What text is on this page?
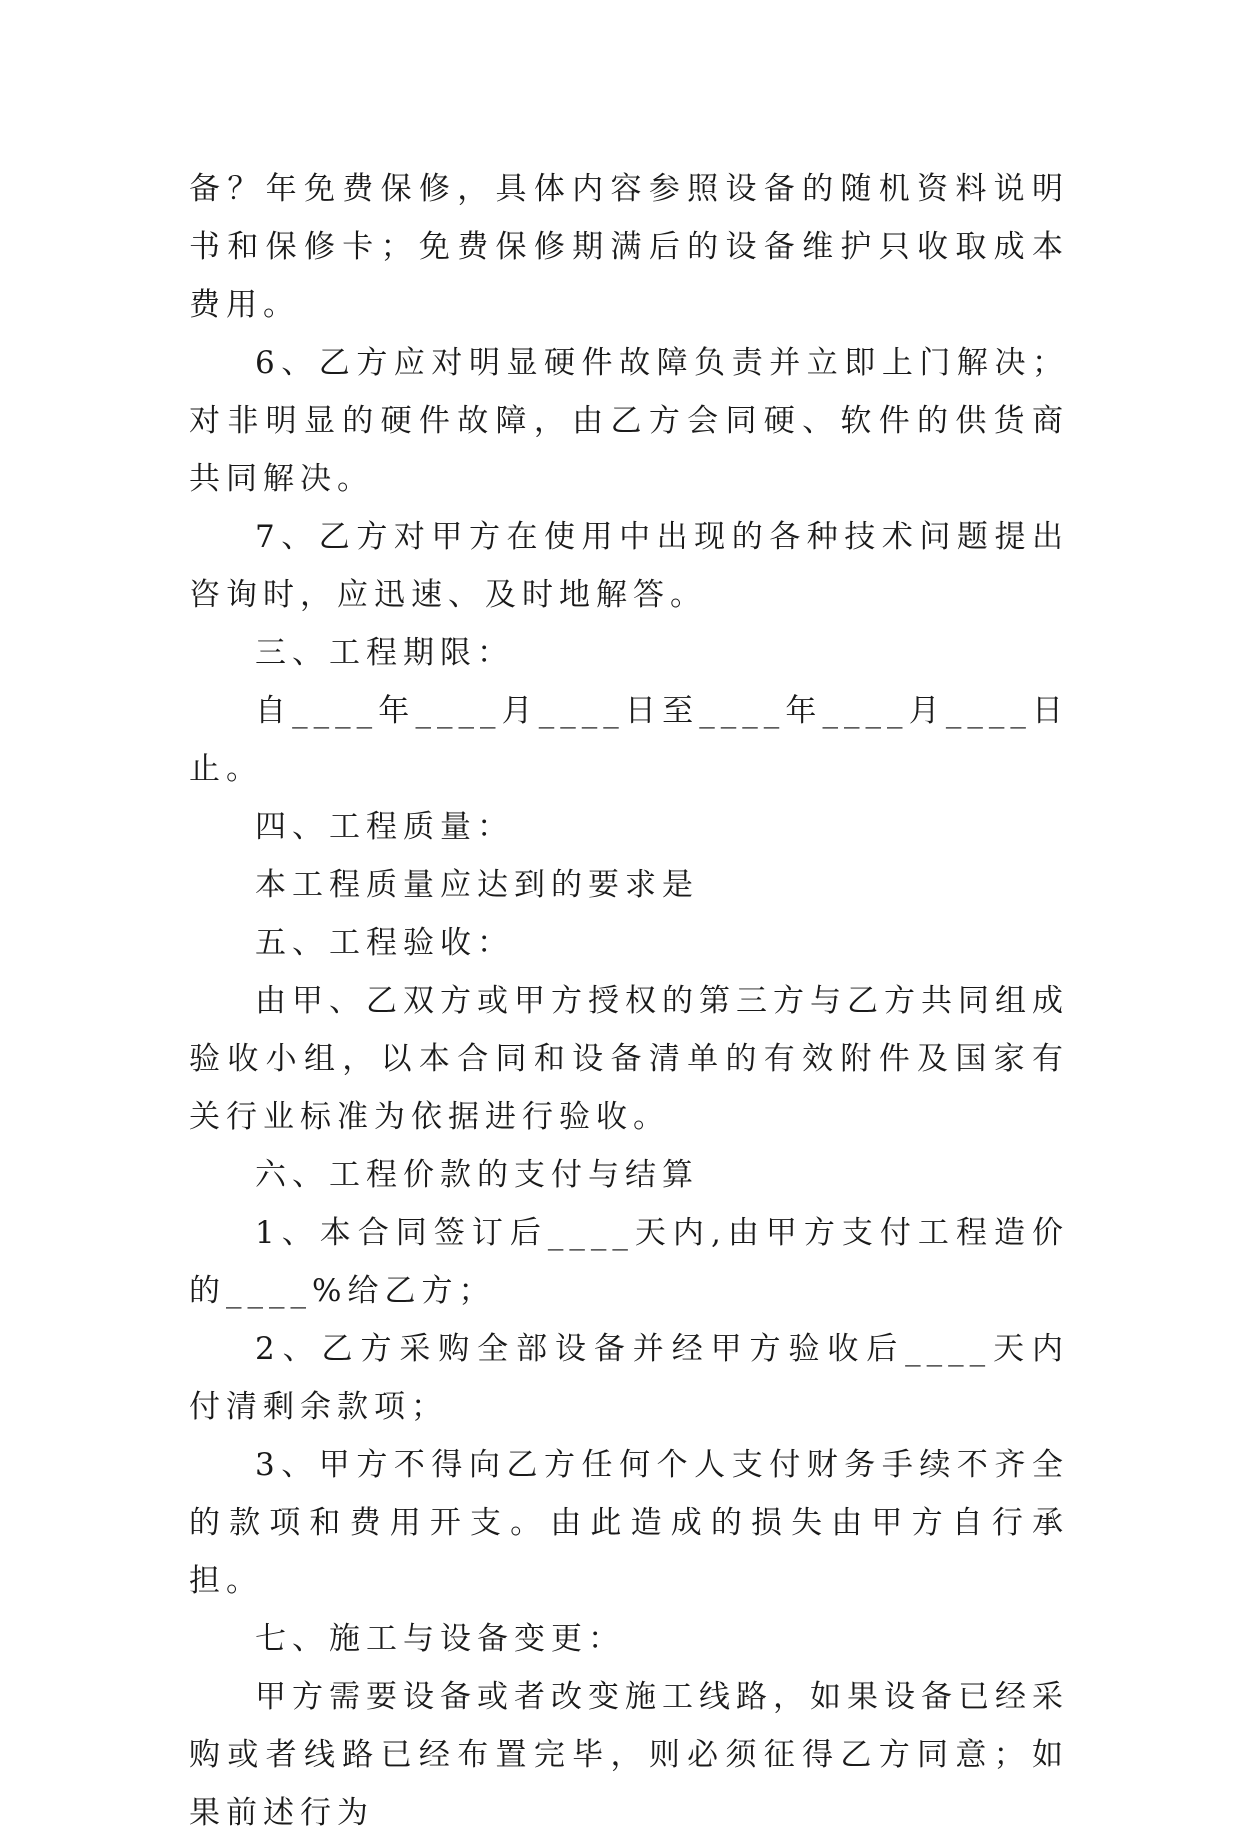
备？年免费保修，具体内容参照设备的随机资料说明书和保修卡；免费保修期满后的设备维护只收取成本费用。

6、乙方应对明显硬件故障负责并立即上门解决；对非明显的硬件故障，由乙方会同硬、软件的供货商共同解决。

7、乙方对甲方在使用中出现的各种技术问题提出咨询时，应迅速、及时地解答。

三、工程期限：

自____年____月____日至____年____月____日止。

四、工程质量：

本工程质量应达到的要求是

五、工程验收：

由甲、乙双方或甲方授权的第三方与乙方共同组成验收小组，以本合同和设备清单的有效附件及国家有关行业标准为依据进行验收。

六、工程价款的支付与结算

1、本合同签订后____天内,由甲方支付工程造价的____%给乙方；

2、乙方采购全部设备并经甲方验收后____天内付清剩余款项；

3、甲方不得向乙方任何个人支付财务手续不齐全的款项和费用开支。由此造成的损失由甲方自行承担。

七、施工与设备变更：

甲方需要设备或者改变施工线路，如果设备已经采购或者线路已经布置完毕，则必须征得乙方同意；如果前述行为
